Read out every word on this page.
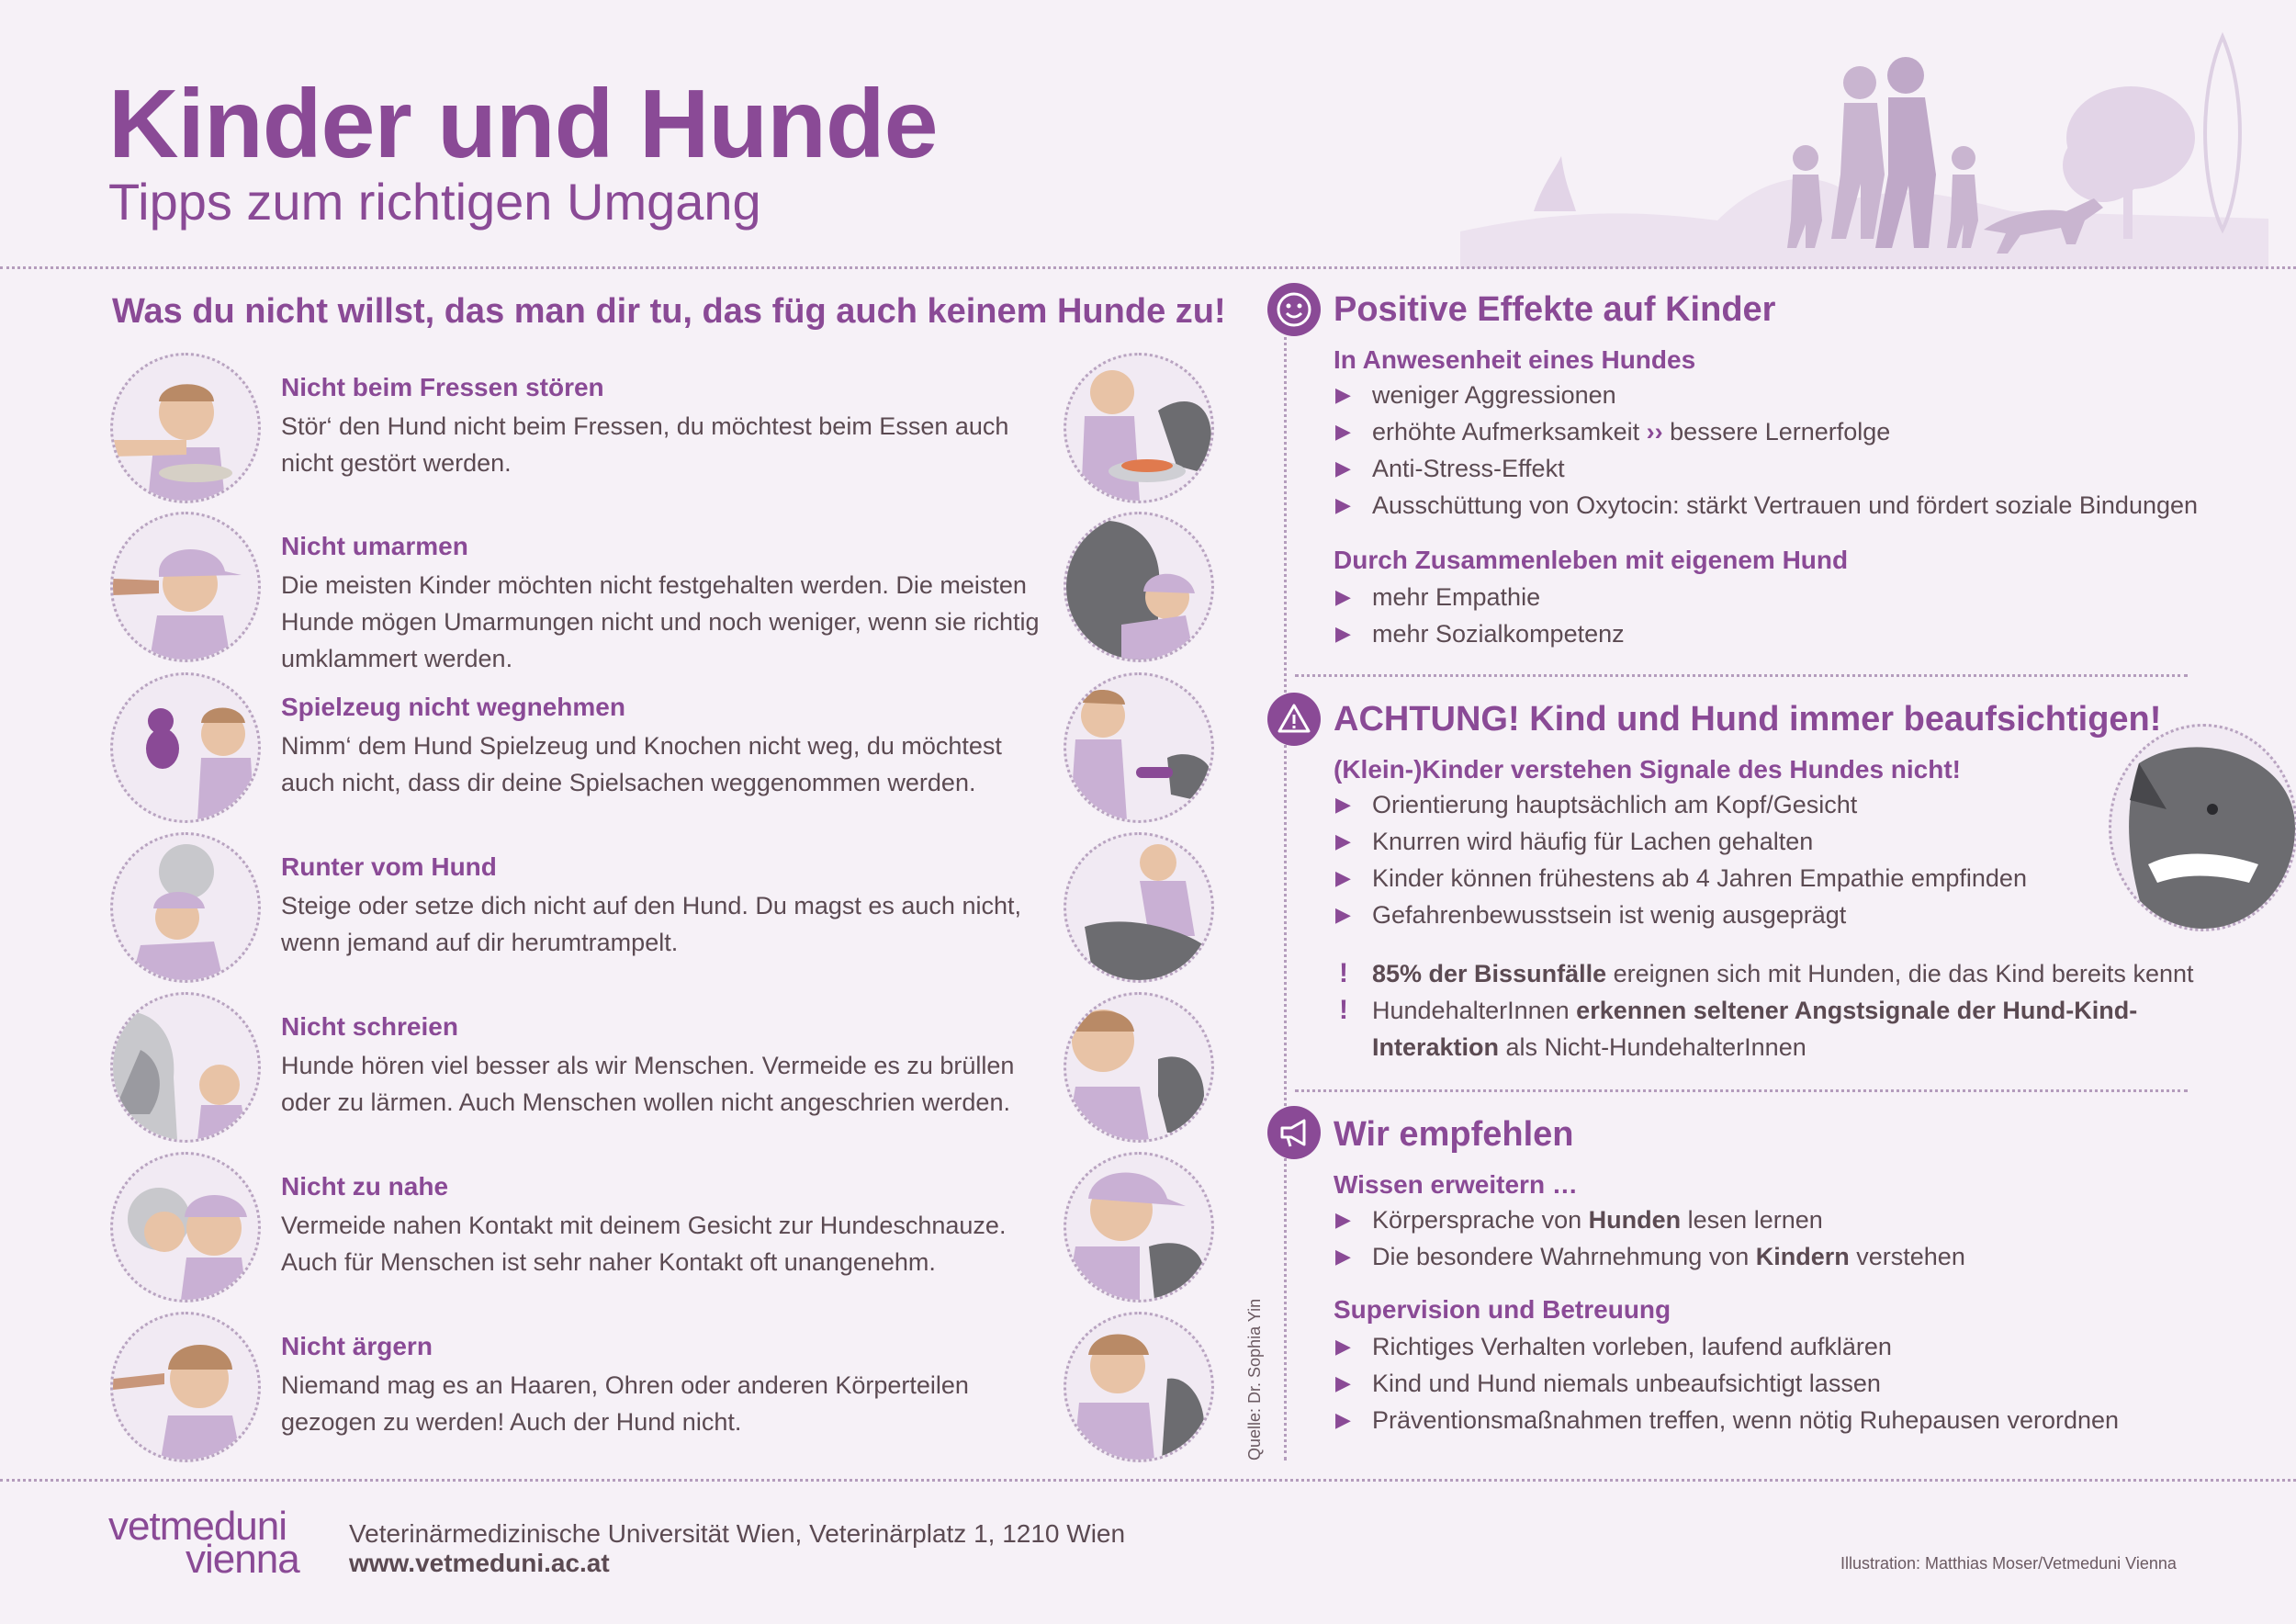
Kinder und Hunde
Tipps zum richtigen Umgang
Was du nicht willst, das man dir tu, das füg auch keinem Hunde zu!
Nicht beim Fressen stören
Stör‘ den Hund nicht beim Fressen, du möchtest beim Essen auch nicht gestört werden.
Nicht umarmen
Die meisten Kinder möchten nicht festgehalten werden. Die meisten Hunde mögen Umarmungen nicht und noch weniger, wenn sie richtig umklammert werden.
Spielzeug nicht wegnehmen
Nimm‘ dem Hund Spielzeug und Knochen nicht weg, du möchtest auch nicht, dass dir deine Spielsachen weggenommen werden.
Runter vom Hund
Steige oder setze dich nicht auf den Hund. Du magst es auch nicht, wenn jemand auf dir herumtrampelt.
Nicht schreien
Hunde hören viel besser als wir Menschen. Vermeide es zu brüllen oder zu lärmen. Auch Menschen wollen nicht angeschrien werden.
Nicht zu nahe
Vermeide nahen Kontakt mit deinem Gesicht zur Hundeschnauze. Auch für Menschen ist sehr naher Kontakt oft unangenehm.
Nicht ärgern
Niemand mag es an Haaren, Ohren oder anderen Körperteilen gezogen zu werden! Auch der Hund nicht.	Quelle: Dr. Sophia Yin
Positive Effekte auf Kinder
In Anwesenheit eines Hundes
▶ weniger Aggressionen
▶ erhöhte Aufmerksamkeit ›› bessere Lernerfolge
▶ Anti-Stress-Effekt
▶ Ausschüttung von Oxytocin: stärkt Vertrauen und fördert soziale Bindungen
Durch Zusammenleben mit eigenem Hund
▶ mehr Empathie
▶ mehr Sozialkompetenz
ACHTUNG! Kind und Hund immer beaufsichtigen!
(Klein-)Kinder verstehen Signale des Hundes nicht!
▶ Orientierung hauptsächlich am Kopf/Gesicht
▶ Knurren wird häufig für Lachen gehalten
▶ Kinder können frühestens ab 4 Jahren Empathie empfinden
▶ Gefahrenbewusstsein ist wenig ausgeprägt
! 85% der Bissunfälle ereignen sich mit Hunden, die das Kind bereits kennt
! HundehalterInnen erkennen seltener Angstsignale der Hund-Kind-
Interaktion als Nicht-HundehalterInnen
Wir empfehlen
Wissen erweitern …
▶ Körpersprache von Hunden lesen lernen
▶ Die besondere Wahrnehmung von Kindern verstehen
Supervision und Betreuung
▶ Richtiges Verhalten vorleben, laufend aufklären
▶ Kind und Hund niemals unbeaufsichtigt lassen
▶ Präventionsmaßnahmen treffen, wenn nötig Ruhepausen verordnen
vetmeduni
vienna
Veterinärmedizinische Universität Wien, Veterinärplatz 1, 1210 Wien
www.vetmeduni.ac.at	Illustration: Matthias Moser/Vetmeduni Vienna
